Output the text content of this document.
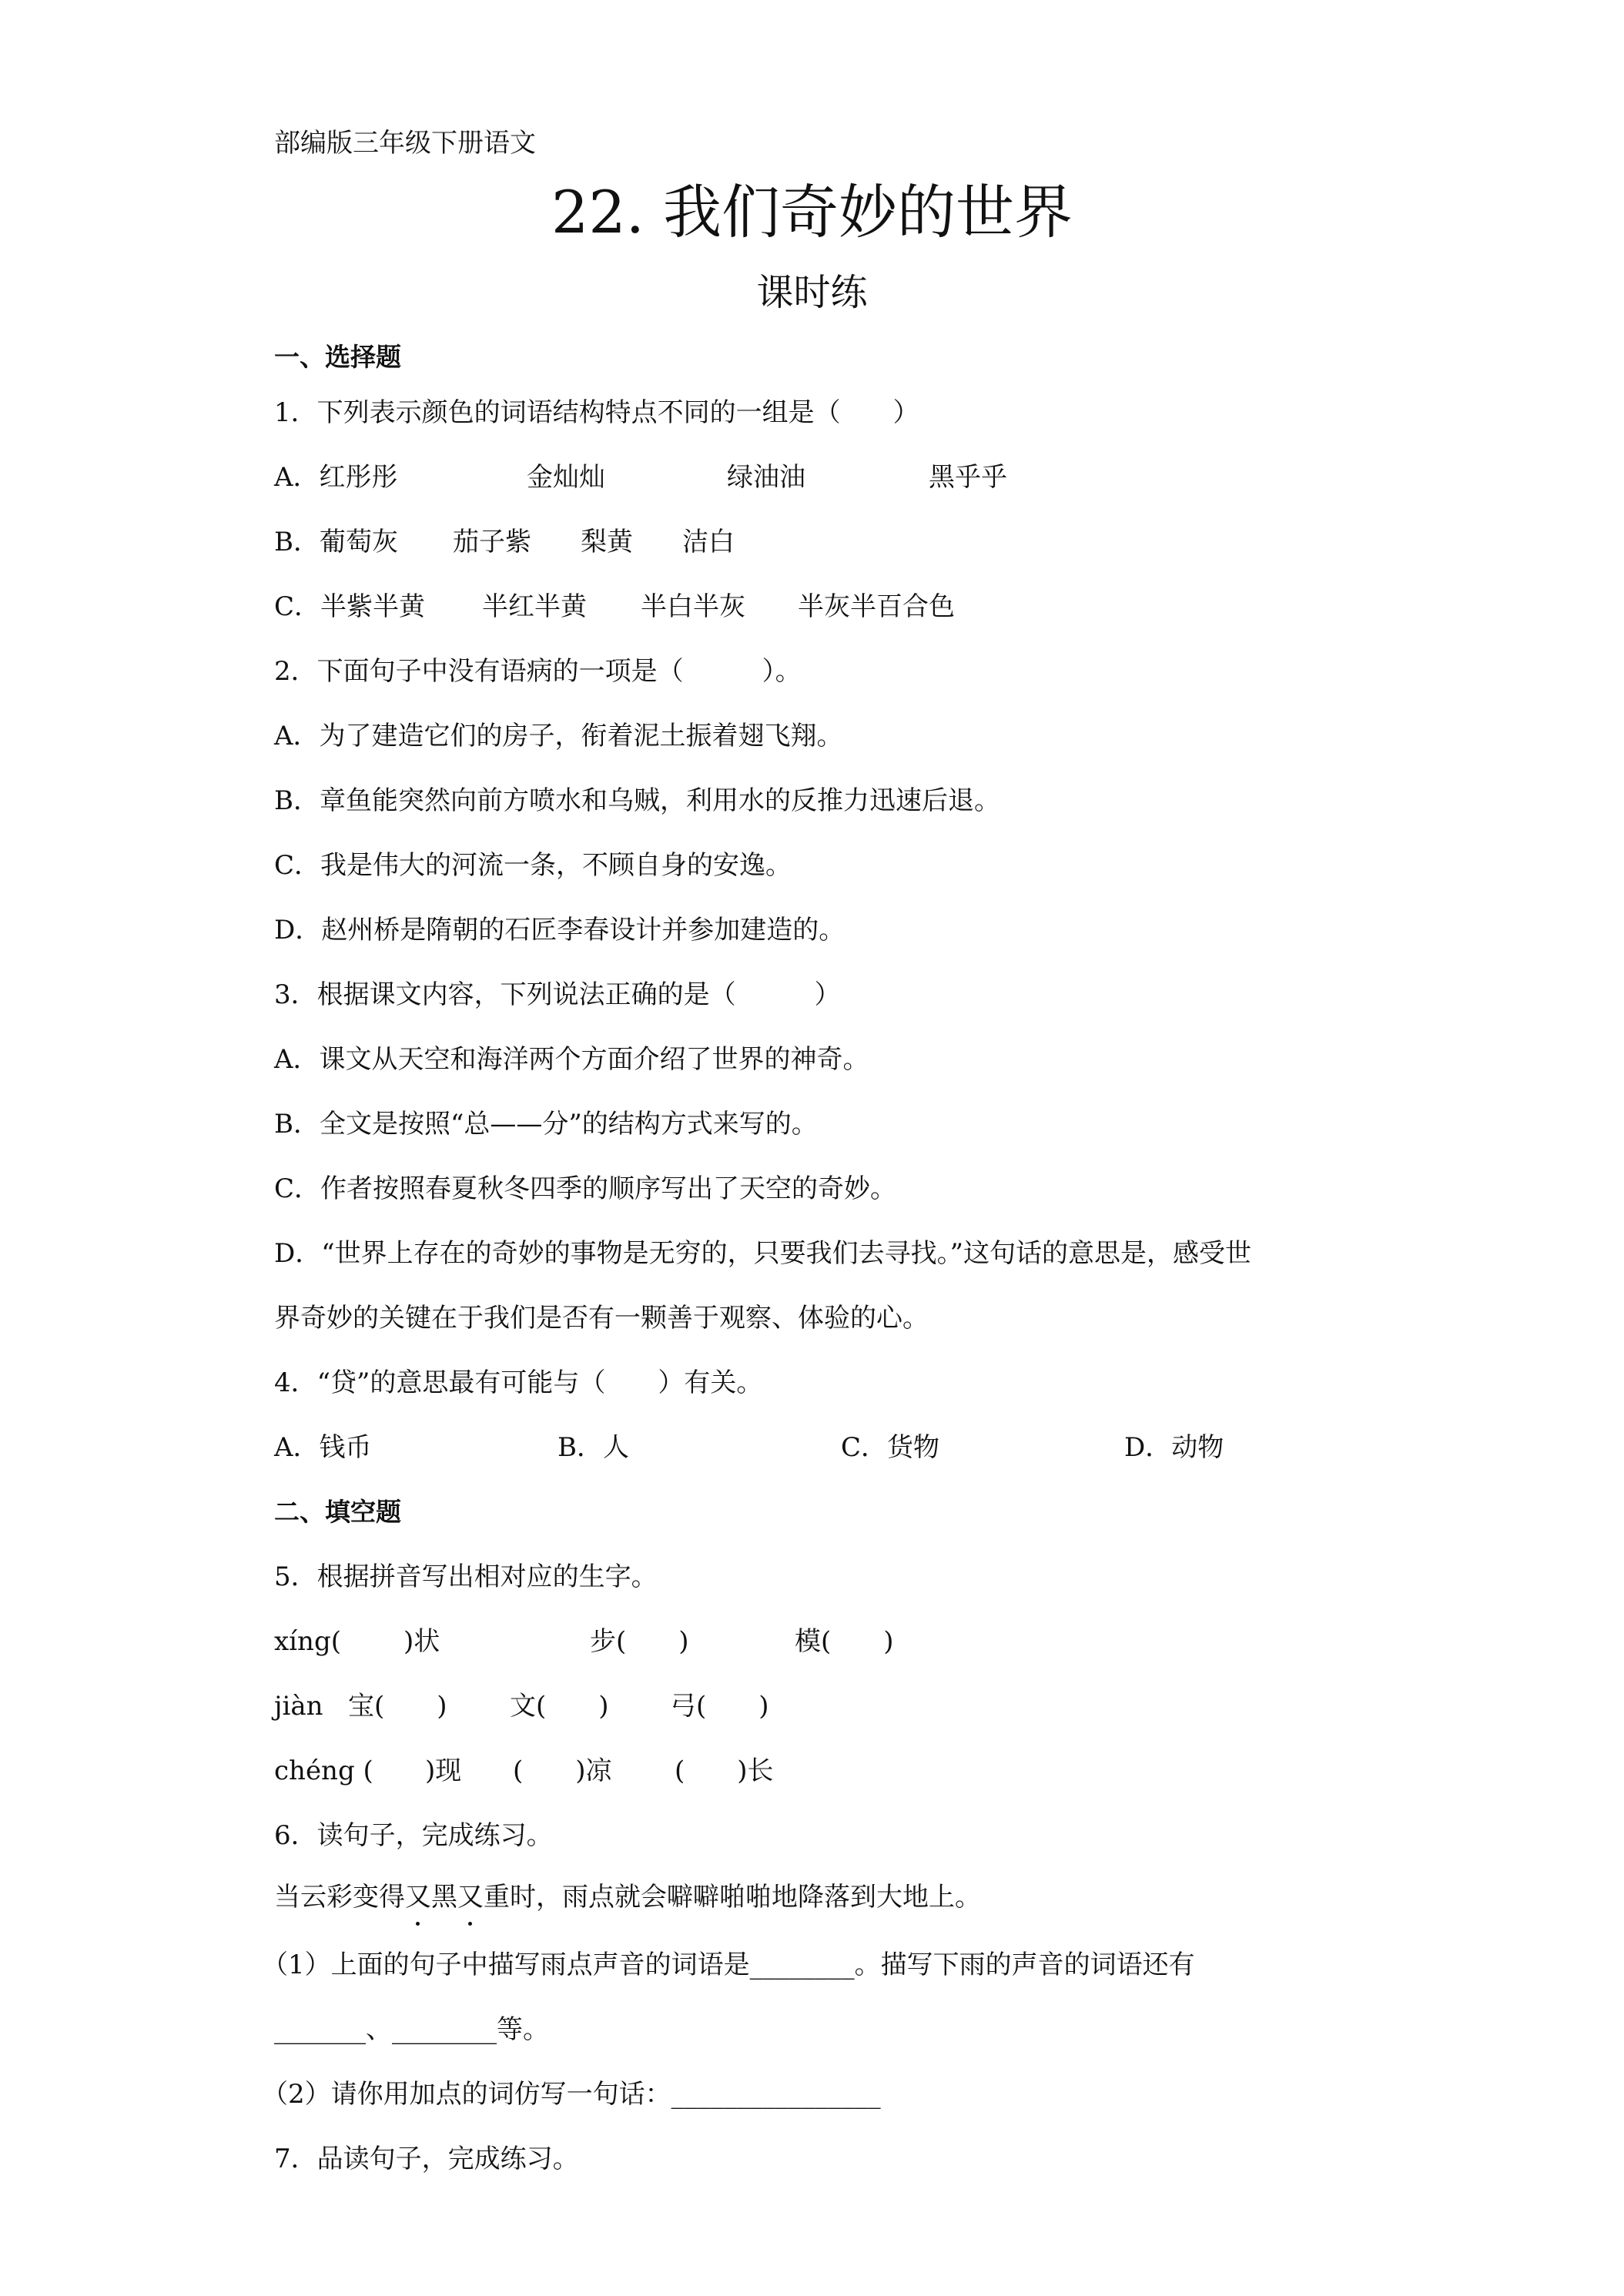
部编版三年级下册语文
22. 我们奇妙的世界
课时练
一、选择题
1．下列表示颜色的词语结构特点不同的一组是（　　）
A．红彤彤	金灿灿	绿油油	黑乎乎
B．葡萄灰 茄子紫 梨黄 洁白
C．半紫半黄 半红半黄 半白半灰 半灰半百合色
2．下面句子中没有语病的一项是（　　　）。
A．为了建造它们的房子，衔着泥土振着翅飞翔。
B．章鱼能突然向前方喷水和乌贼，利用水的反推力迅速后退。
C．我是伟大的河流一条，不顾自身的安逸。
D．赵州桥是隋朝的石匠李春设计并参加建造的。
3．根据课文内容，下列说法正确的是（　　　）
A．课文从天空和海洋两个方面介绍了世界的神奇。
B．全文是按照“总——分”的结构方式来写的。
C．作者按照春夏秋冬四季的顺序写出了天空的奇妙。
D．“世界上存在的奇妙的事物是无穷的，只要我们去寻找。”这句话的意思是，感受世
界奇妙的关键在于我们是否有一颗善于观察、体验的心。
4．“贷”的意思最有可能与（　　）有关。
A．钱币	B．人	C．货物	D．动物
二、填空题
5．根据拼音写出相对应的生字。
xíng( 　　)状	步(　　)	模(　　)
jiàn 宝(　　) 文(　　) 弓(　　)
chéng ( 　　)现 (　　)凉 (　　)长
6．读句子，完成练习。
当云彩变得又
黑又
重时，雨点就会噼噼啪啪地降落到大地上。
（1）上面的句子中描写雨点声音的词语是________。描写下雨的声音的词语还有
_______、________等。
（2）请你用加点的词仿写一句话：________________
7．品读句子，完成练习。
